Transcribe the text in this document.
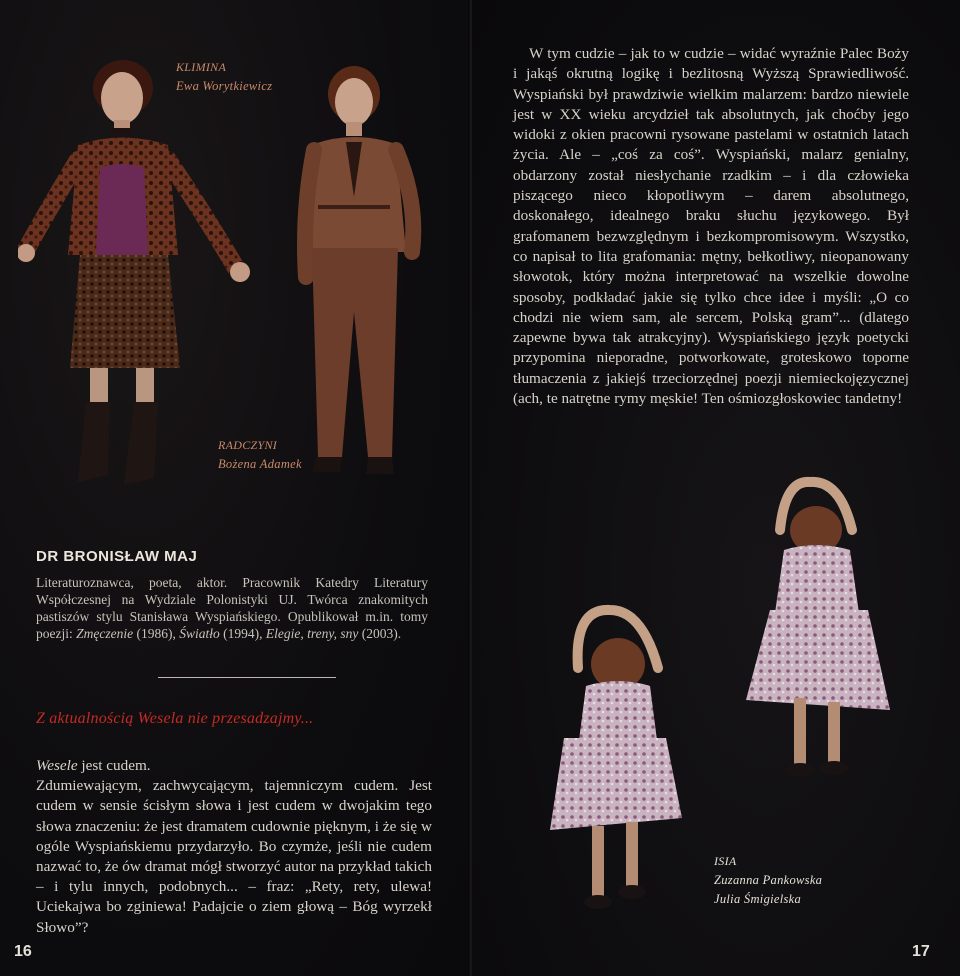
KLIMINA
Ewa Worytkiewicz
RADCZYNI
Bożena Adamek
DR BRONISŁAW MAJ
Literaturoznawca, poeta, aktor. Pracownik Katedry Literatury Współczesnej na Wydziale Polonistyki UJ. Twórca znakomitych pastiszów stylu Stanisława Wyspiańskiego. Opublikował m.in. tomy poezji: Zmęczenie (1986), Światło (1994), Elegie, treny, sny (2003).
Z aktualnością Wesela nie przesadzajmy...

Wesele jest cudem.

Zdumiewającym, zachwycającym, tajemniczym cudem. Jest cudem w sensie ścisłym słowa i jest cudem w dwojakim tego słowa znaczeniu: że jest dramatem cudownie pięknym, i że się w ogóle Wyspiańskiemu przydarzyło. Bo czymże, jeśli nie cudem nazwać to, że ów dramat mógł stworzyć autor na przykład takich – i tylu innych, podobnych... – fraz: „Rety, rety, ulewa! Uciekajwa bo zginiewa! Padajcie o ziem głową – Bóg wyrzekł Słowo”?

16
ISIA
Zuzanna Pankowska
Julia Śmigielska
17

W tym cudzie – jak to w cudzie – widać wyraźnie Palec Boży i jakąś okrutną logikę i bezlitosną Wyższą Sprawiedliwość. Wyspiański był prawdziwie wielkim malarzem: bardzo niewiele jest w XX wieku arcydzieł tak absolutnych, jak choćby jego widoki z okien pracowni rysowane pastelami w ostatnich latach życia. Ale – „coś za coś”. Wyspiański, malarz genialny, obdarzony został niesłychanie rzadkim – i dla człowieka piszącego nieco kłopotliwym – darem absolutnego, doskonałego, idealnego braku słuchu językowego. Był grafomanem bezwzględnym i bezkompromisowym. Wszystko, co napisał to lita grafomania: mętny, bełkotliwy, nieopanowany słowotok, który można interpretować na wszelkie dowolne sposoby, podkładać jakie się tylko chce idee i myśli: „O co chodzi nie wiem sam, ale sercem, Polską gram”... (dlatego zapewne bywa tak atrakcyjny). Wyspiańskiego język poetycki przypomina nieporadne, potworkowate, groteskowo toporne tłumaczenia z jakiejś trzeciorzędnej poezji niemieckojęzycznej (ach, te natrętne rymy męskie! Ten ośmiozgłoskowiec tandetny!
